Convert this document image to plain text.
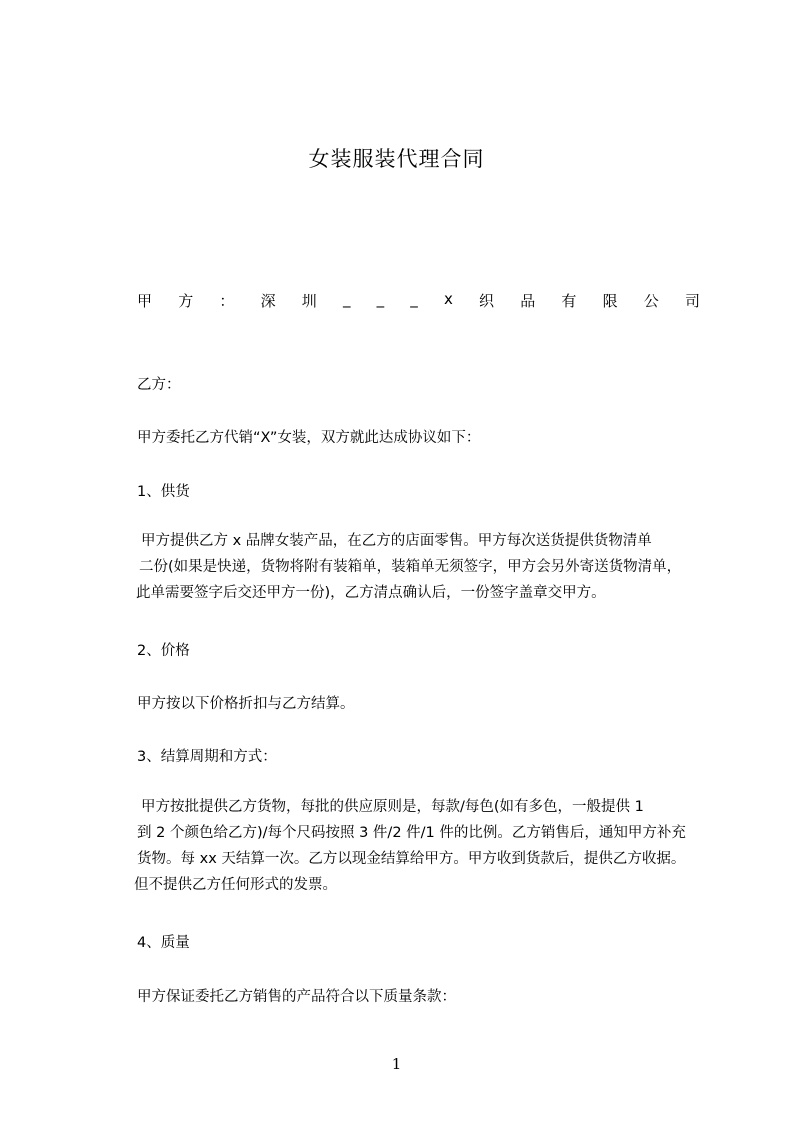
女装服装代理合同
甲 方 ： 深 圳 _ _ _ x 织 品 有 限 公 司
乙方：
甲方委托乙方代销“X”女装，双方就此达成协议如下：
1、供货
甲方提供乙方 x 品牌女装产品，在乙方的店面零售。甲方每次送货提供货物清单
二份(如果是快递，货物将附有装箱单，装箱单无须签字，甲方会另外寄送货物清单，
此单需要签字后交还甲方一份)，乙方清点确认后，一份签字盖章交甲方。
2、价格
甲方按以下价格折扣与乙方结算。
3、结算周期和方式：
甲方按批提供乙方货物，每批的供应原则是，每款/每色(如有多色，一般提供 1
到 2 个颜色给乙方)/每个尺码按照 3 件/2 件/1 件的比例。乙方销售后，通知甲方补充
货物。每 xx 天结算一次。乙方以现金结算给甲方。甲方收到货款后，提供乙方收据。
但不提供乙方任何形式的发票。
4、质量
甲方保证委托乙方销售的产品符合以下质量条款：
1
